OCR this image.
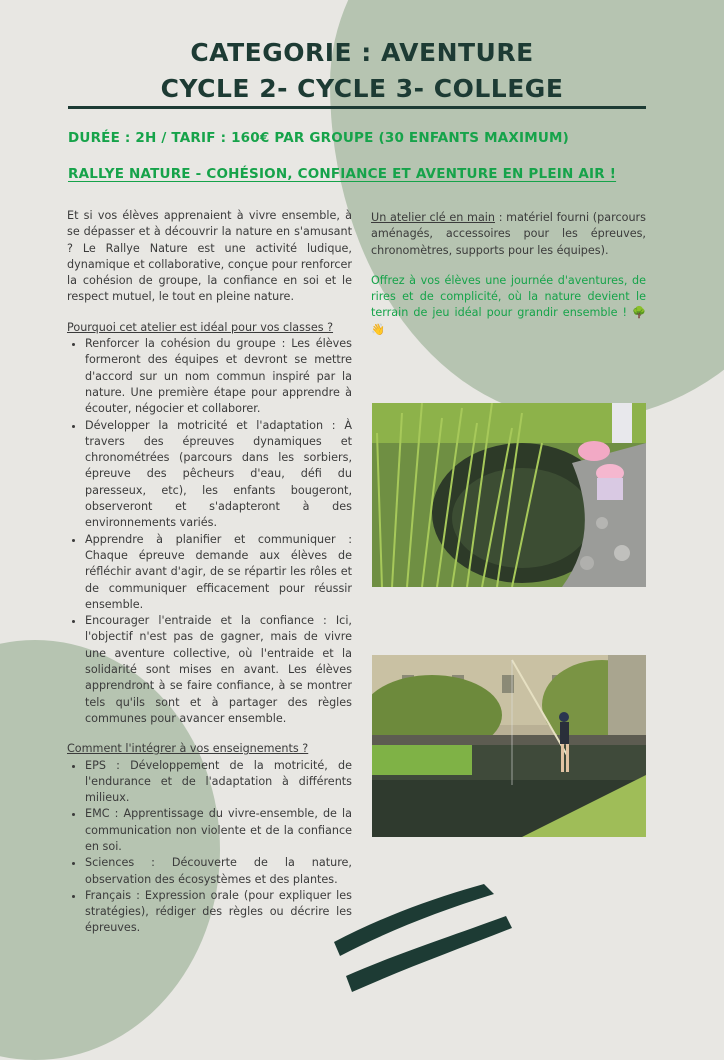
CATEGORIE : AVENTURE
CYCLE 2- CYCLE 3- COLLEGE
DURÉE : 2H / TARIF : 160€ PAR GROUPE (30 ENFANTS MAXIMUM)
RALLYE NATURE - COHÉSION, CONFIANCE ET AVENTURE EN PLEIN AIR !

Et si vos élèves apprenaient à vivre ensemble, à se dépasser et à découvrir la nature en s'amusant ? Le Rallye Nature est une activité ludique, dynamique et collaborative, conçue pour renforcer la cohésion de groupe, la confiance en soi et le respect mutuel, le tout en pleine nature.

Pourquoi cet atelier est idéal pour vos classes ?

• Renforcer la cohésion du groupe : Les élèves formeront des équipes et devront se mettre d'accord sur un nom commun inspiré par la nature. Une première étape pour apprendre à écouter, négocier et collaborer.
• Développer la motricité et l'adaptation : À travers des épreuves dynamiques et chronométrées (parcours dans les sorbiers, épreuve des pêcheurs d'eau, défi du paresseux, etc), les enfants bougeront, observeront et s'adapteront à des environnements variés.
• Apprendre à planifier et communiquer : Chaque épreuve demande aux élèves de réfléchir avant d'agir, de se répartir les rôles et de communiquer efficacement pour réussir ensemble.
• Encourager l'entraide et la confiance : Ici, l'objectif n'est pas de gagner, mais de vivre une aventure collective, où l'entraide et la solidarité sont mises en avant. Les élèves apprendront à se faire confiance, à se montrer tels qu'ils sont et à partager des règles communes pour avancer ensemble.

Comment l'intégrer à vos enseignements ?

• EPS : Développement de la motricité, de l'endurance et de l'adaptation à différents milieux.
• EMC : Apprentissage du vivre-ensemble, de la communication non violente et de la confiance en soi.
• Sciences : Découverte de la nature, observation des écosystèmes et des plantes.
• Français : Expression orale (pour expliquer les stratégies), rédiger des règles ou décrire les épreuves.

Un atelier clé en main : matériel fourni (parcours aménagés, accessoires pour les épreuves, chronomètres, supports pour les équipes).

Offrez à vos élèves une journée d'aventures, de rires et de complicité, où la nature devient le terrain de jeu idéal pour grandir ensemble ! 🌳👋
